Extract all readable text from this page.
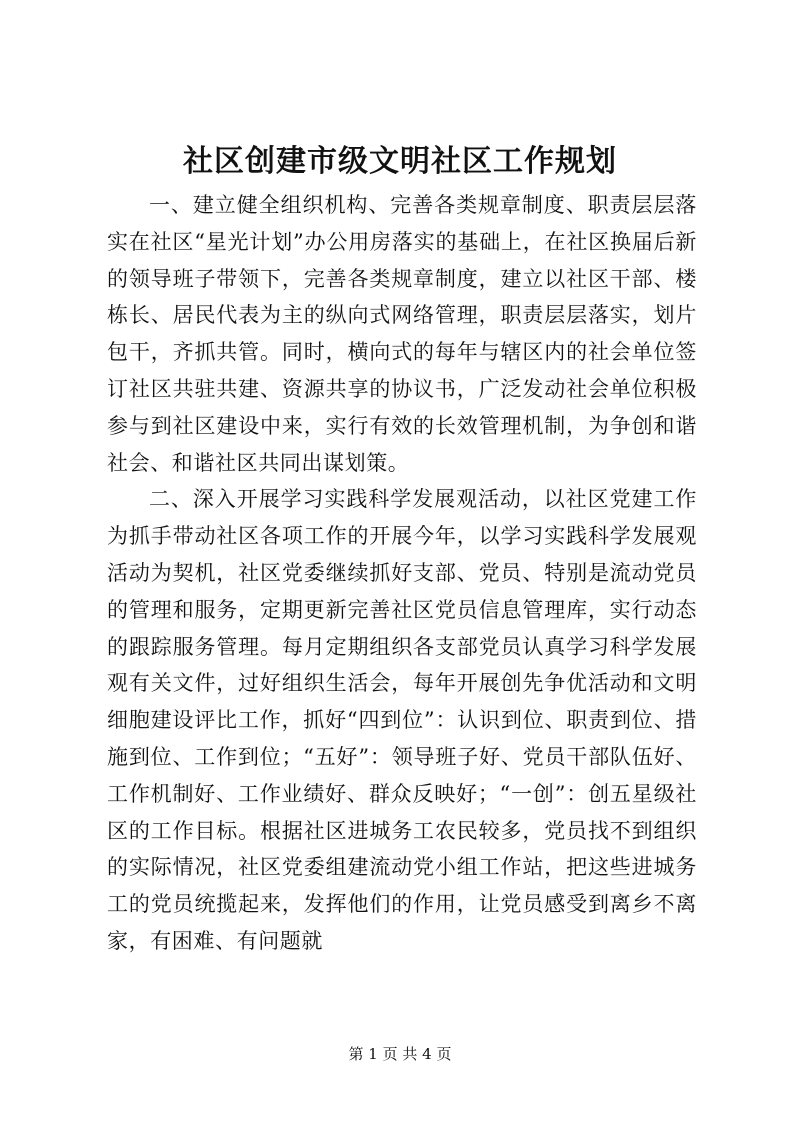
社区创建市级文明社区工作规划

一、建立健全组织机构、完善各类规章制度、职责层层落实在社区“星光计划”办公用房落实的基础上，在社区换届后新的领导班子带领下，完善各类规章制度，建立以社区干部、楼栋长、居民代表为主的纵向式网络管理，职责层层落实，划片包干，齐抓共管。同时，横向式的每年与辖区内的社会单位签订社区共驻共建、资源共享的协议书，广泛发动社会单位积极参与到社区建设中来，实行有效的长效管理机制，为争创和谐社会、和谐社区共同出谋划策。

二、深入开展学习实践科学发展观活动，以社区党建工作为抓手带动社区各项工作的开展今年，以学习实践科学发展观活动为契机，社区党委继续抓好支部、党员、特别是流动党员的管理和服务，定期更新完善社区党员信息管理库，实行动态的跟踪服务管理。每月定期组织各支部党员认真学习科学发展观有关文件，过好组织生活会，每年开展创先争优活动和文明细胞建设评比工作，抓好“四到位”：认识到位、职责到位、措施到位、工作到位；“五好”：领导班子好、党员干部队伍好、工作机制好、工作业绩好、群众反映好；“一创”：创五星级社区的工作目标。根据社区进城务工农民较多，党员找不到组织的实际情况，社区党委组建流动党小组工作站，把这些进城务工的党员统揽起来，发挥他们的作用，让党员感受到离乡不离家，有困难、有问题就

第 1 页 共 4 页
